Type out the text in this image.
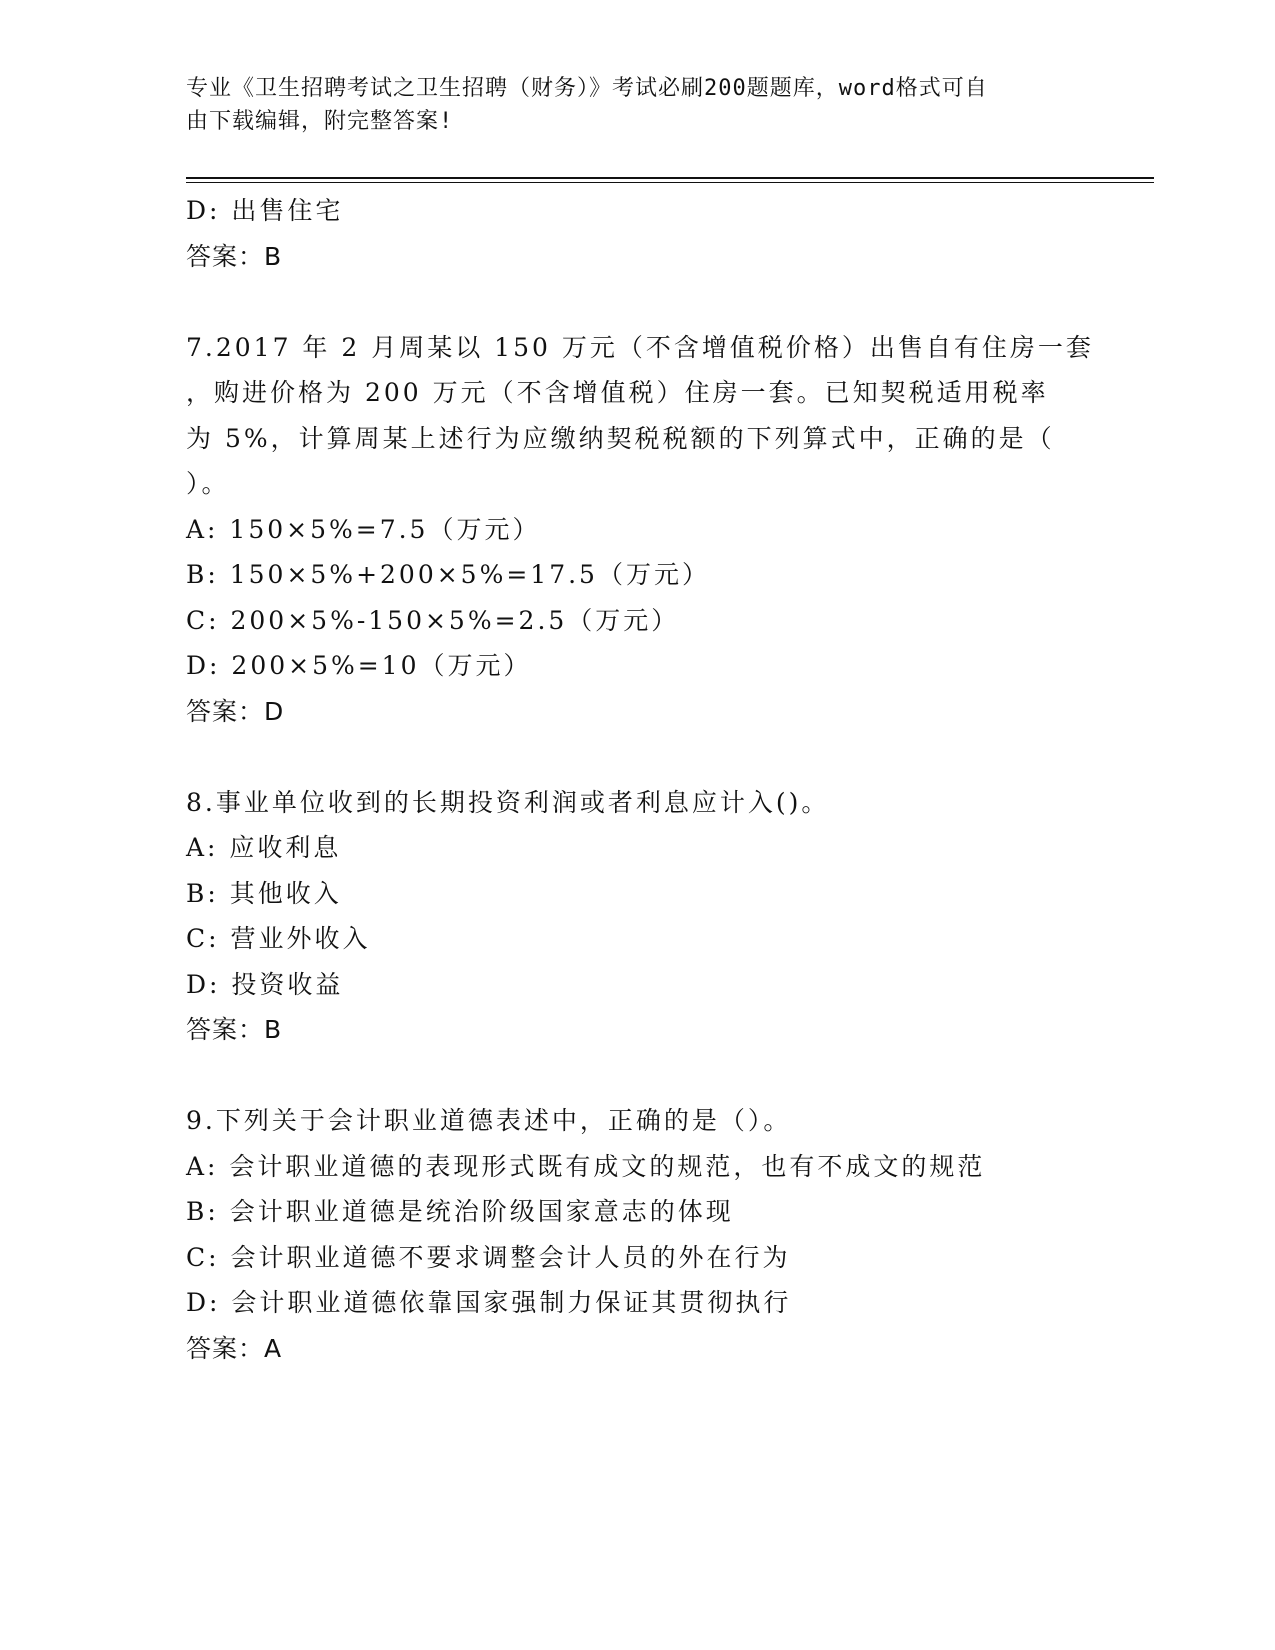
专业《卫生招聘考试之卫生招聘（财务）》考试必刷200题题库，word格式可自
由下载编辑，附完整答案!
D: 出售住宅
答案：B
7.2017 年 2 月周某以 150 万元（不含增值税价格）出售自有住房一套
，购进价格为 200 万元（不含增值税）住房一套。已知契税适用税率
为 5%，计算周某上述行为应缴纳契税税额的下列算式中，正确的是（
）。
A: 150×5%=7.5（万元）
B: 150×5%+200×5%=17.5（万元）
C: 200×5%-150×5%=2.5（万元）
D: 200×5%=10（万元）
答案：D
8.事业单位收到的长期投资利润或者利息应计入()。
A: 应收利息
B: 其他收入
C: 营业外收入
D: 投资收益
答案：B
9.下列关于会计职业道德表述中，正确的是（）。
A: 会计职业道德的表现形式既有成文的规范，也有不成文的规范
B: 会计职业道德是统治阶级国家意志的体现
C: 会计职业道德不要求调整会计人员的外在行为
D: 会计职业道德依靠国家强制力保证其贯彻执行
答案：A
